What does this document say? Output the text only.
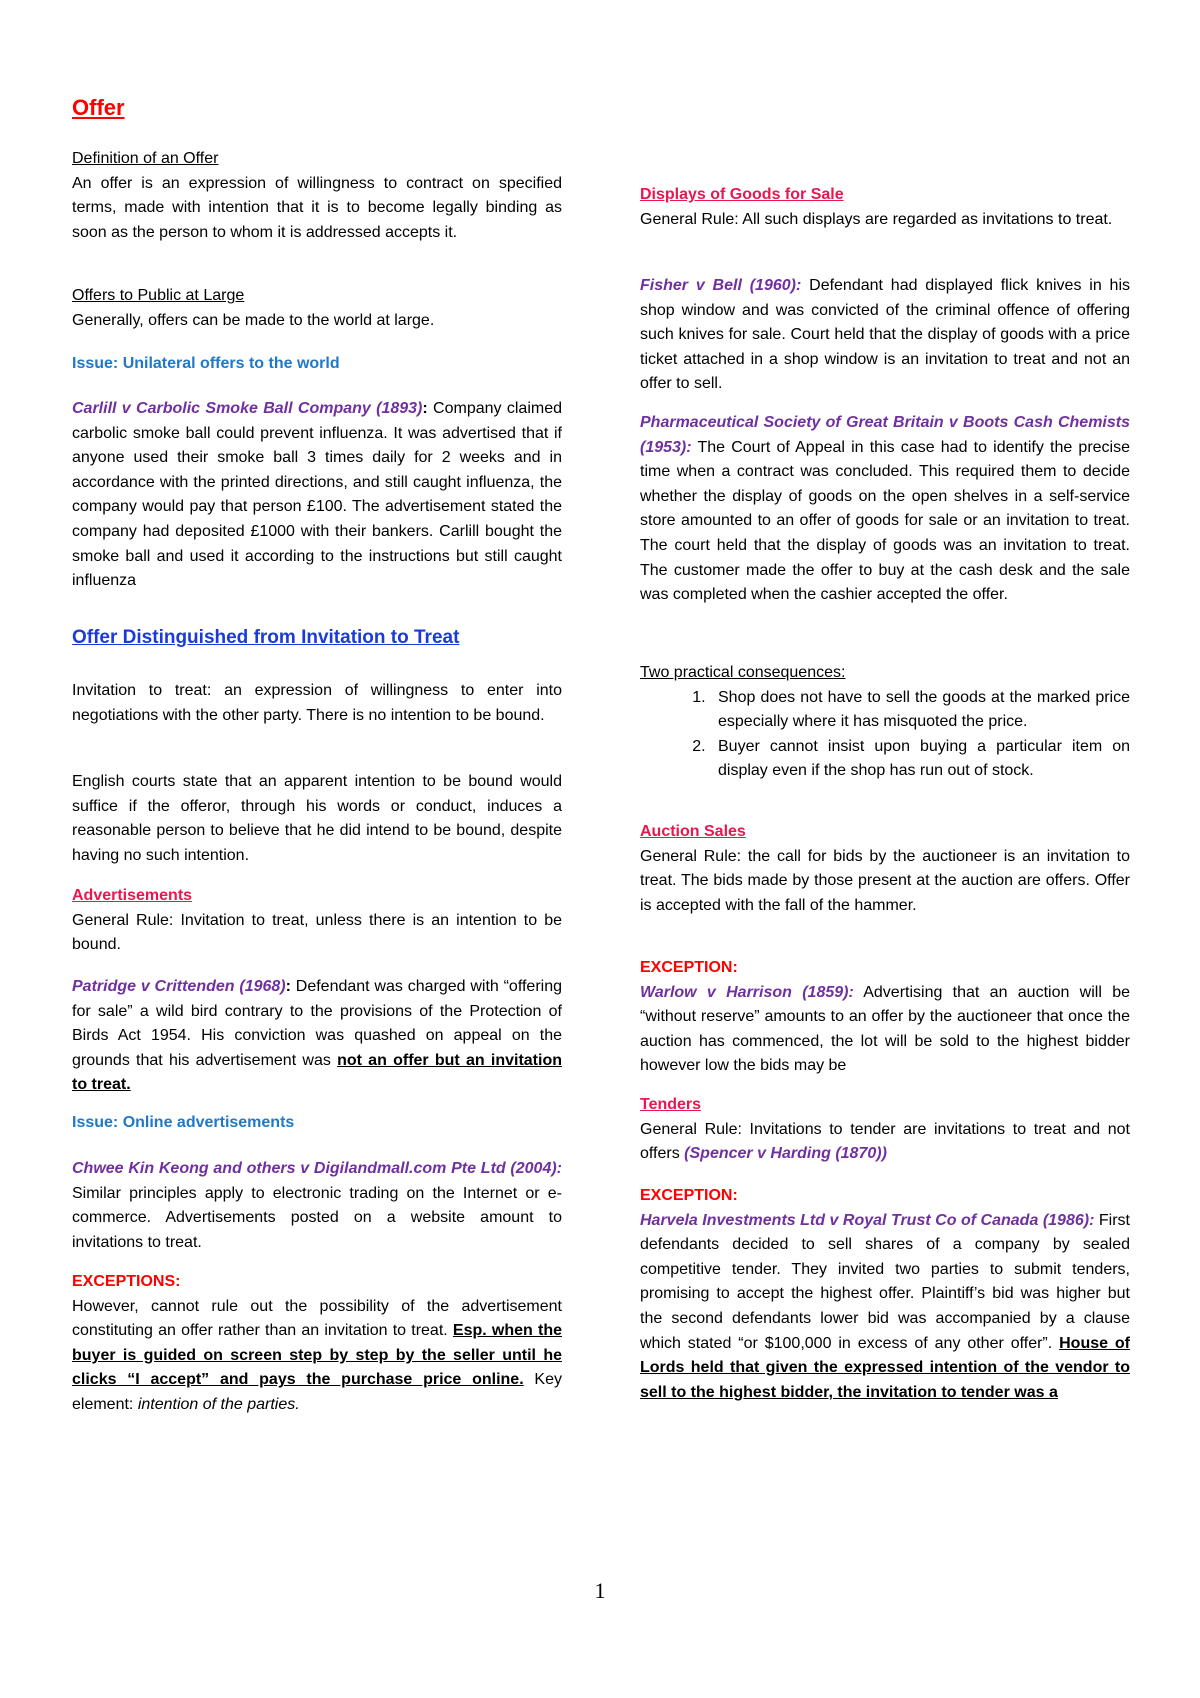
Offer
Definition of an Offer

An offer is an expression of willingness to contract on specified terms, made with intention that it is to become legally binding as soon as the person to whom it is addressed accepts it.

Offers to Public at Large

Generally, offers can be made to the world at large.

Issue: Unilateral offers to the world

Carlill v Carbolic Smoke Ball Company (1893): Company claimed carbolic smoke ball could prevent influenza. It was advertised that if anyone used their smoke ball 3 times daily for 2 weeks and in accordance with the printed directions, and still caught influenza, the company would pay that person £100. The advertisement stated the company had deposited £1000 with their bankers. Carlill bought the smoke ball and used it according to the instructions but still caught influenza

Offer Distinguished from Invitation to Treat

Invitation to treat: an expression of willingness to enter into negotiations with the other party. There is no intention to be bound.

English courts state that an apparent intention to be bound would suffice if the offeror, through his words or conduct, induces a reasonable person to believe that he did intend to be bound, despite having no such intention.

Advertisements

General Rule: Invitation to treat, unless there is an intention to be bound.

Patridge v Crittenden (1968): Defendant was charged with “offering for sale” a wild bird contrary to the provisions of the Protection of Birds Act 1954. His conviction was quashed on appeal on the grounds that his advertisement was not an offer but an invitation to treat.

Issue: Online advertisements

Chwee Kin Keong and others v Digilandmall.com Pte Ltd (2004): Similar principles apply to electronic trading on the Internet or e-commerce. Advertisements posted on a website amount to invitations to treat.

EXCEPTIONS:

However, cannot rule out the possibility of the advertisement constituting an offer rather than an invitation to treat. Esp. when the buyer is guided on screen step by step by the seller until he clicks “I accept” and pays the purchase price online. Key element: intention of the parties.

Displays of Goods for Sale

General Rule: All such displays are regarded as invitations to treat.

Fisher v Bell (1960): Defendant had displayed flick knives in his shop window and was convicted of the criminal offence of offering such knives for sale. Court held that the display of goods with a price ticket attached in a shop window is an invitation to treat and not an offer to sell.

Pharmaceutical Society of Great Britain v Boots Cash Chemists (1953): The Court of Appeal in this case had to identify the precise time when a contract was concluded. This required them to decide whether the display of goods on the open shelves in a self-service store amounted to an offer of goods for sale or an invitation to treat. The court held that the display of goods was an invitation to treat. The customer made the offer to buy at the cash desk and the sale was completed when the cashier accepted the offer.

Two practical consequences:
1. Shop does not have to sell the goods at the marked price especially where it has misquoted the price.
2. Buyer cannot insist upon buying a particular item on display even if the shop has run out of stock.
Auction Sales

General Rule: the call for bids by the auctioneer is an invitation to treat. The bids made by those present at the auction are offers. Offer is accepted with the fall of the hammer.

EXCEPTION:

Warlow v Harrison (1859): Advertising that an auction will be “without reserve” amounts to an offer by the auctioneer that once the auction has commenced, the lot will be sold to the highest bidder however low the bids may be

Tenders

General Rule: Invitations to tender are invitations to treat and not offers (Spencer v Harding (1870))

EXCEPTION:

Harvela Investments Ltd v Royal Trust Co of Canada (1986): First defendants decided to sell shares of a company by sealed competitive tender. They invited two parties to submit tenders, promising to accept the highest offer. Plaintiff’s bid was higher but the second defendants lower bid was accompanied by a clause which stated “or $100,000 in excess of any other offer”. House of Lords held that given the expressed intention of the vendor to sell to the highest bidder, the invitation to tender was a

1
